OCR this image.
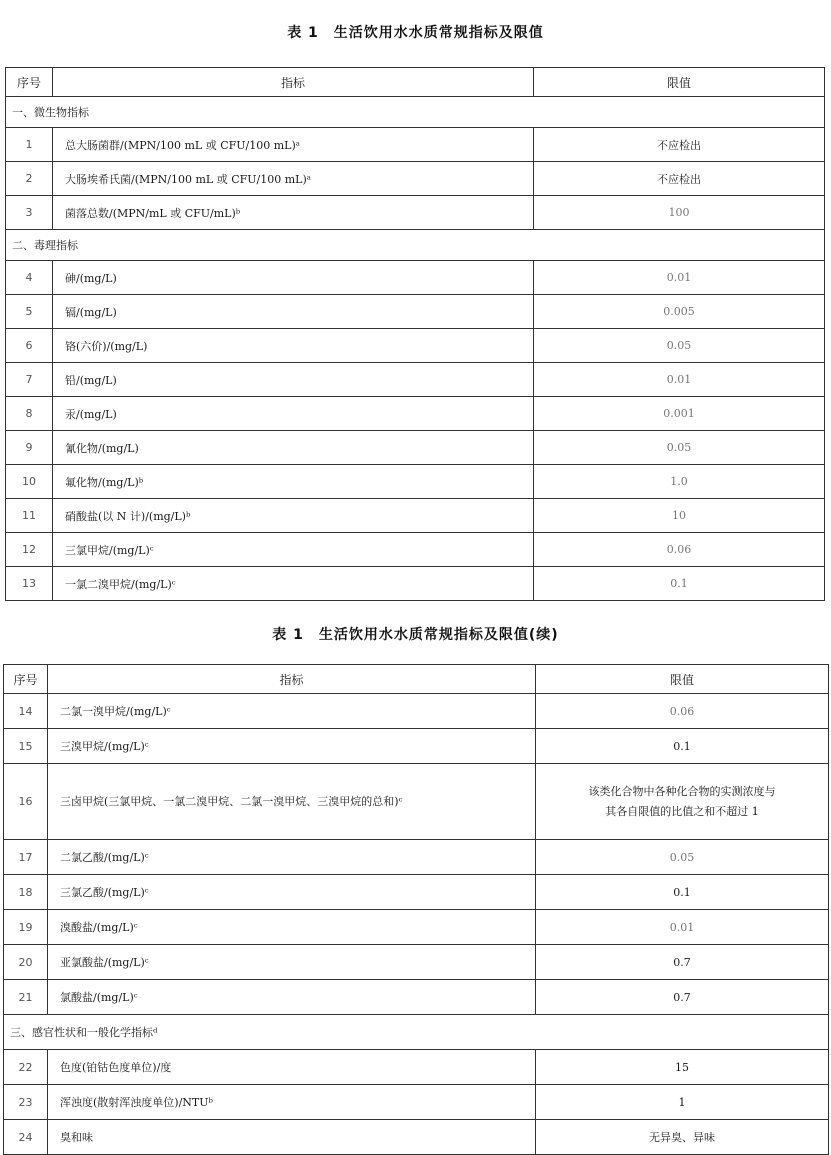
表 1　生活饮用水水质常规指标及限值
序号	指标	限值
一、微生物指标		
1	总大肠菌群/(MPN/100 mL 或 CFU/100 mL)ᵃ	不应检出
2	大肠埃希氏菌/(MPN/100 mL 或 CFU/100 mL)ᵃ	不应检出
3	菌落总数/(MPN/mL 或 CFU/mL)ᵇ	100
二、毒理指标		
4	砷/(mg/L)	0.01
5	镉/(mg/L)	0.005
6	铬(六价)/(mg/L)	0.05
7	铅/(mg/L)	0.01
8	汞/(mg/L)	0.001
9	氰化物/(mg/L)	0.05
10	氟化物/(mg/L)ᵇ	1.0
11	硝酸盐(以 N 计)/(mg/L)ᵇ	10
12	三氯甲烷/(mg/L)ᶜ	0.06
13	一氯二溴甲烷/(mg/L)ᶜ	0.1
表 1　生活饮用水水质常规指标及限值(续)
序号	指标	限值
14	二氯一溴甲烷/(mg/L)ᶜ	0.06
15	三溴甲烷/(mg/L)ᶜ	0.1
16	三卤甲烷(三氯甲烷、一氯二溴甲烷、二氯一溴甲烷、三溴甲烷的总和)ᶜ	该类化合物中各种化合物的实测浓度与其各自限值的比值之和不超过 1
17	二氯乙酸/(mg/L)ᶜ	0.05
18	三氯乙酸/(mg/L)ᶜ	0.1
19	溴酸盐/(mg/L)ᶜ	0.01
20	亚氯酸盐/(mg/L)ᶜ	0.7
21	氯酸盐/(mg/L)ᶜ	0.7
三、感官性状和一般化学指标ᵈ		
22	色度(铂钴色度单位)/度	15
23	浑浊度(散射浑浊度单位)/NTUᵇ	1
24	臭和味	无异臭、异味
